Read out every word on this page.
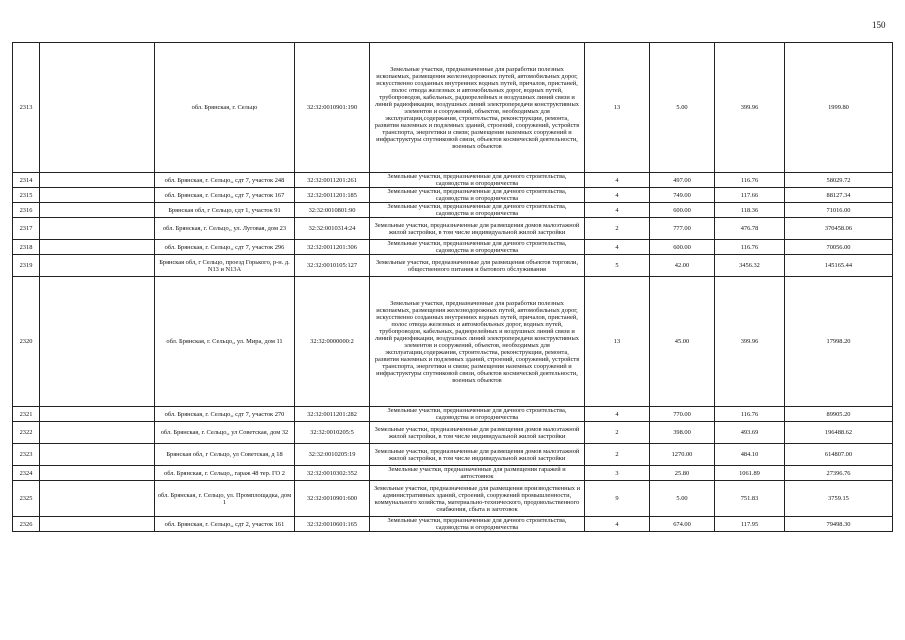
150
2313		обл. Брянская, г. Сельцо	32:32:0010901:190	Земельные участки, предназначенные для разработки полезных ископаемых, размещения железнодорожных путей, автомобильных дорог, искусственно созданных внутренних водных путей, причалов, пристаней, полос отвода железных и автомобильных дорог, водных путей, трубопроводов, кабельных, радиорелейных и воздушных линий связи и линий радиофикации, воздушных линий электропередачи конструктивных элементов и сооружений, объектов, необходимых для эксплуатации,содержания, строительства, реконструкции, ремонта, развития наземных и подземных зданий, строений, сооружений, устройств транспорта, энергетики и связи; размещения наземных сооружений и инфраструктуры спутниковой связи, объектов космической деятельности, военных объектов	13	5.00	399.96	1999.80
2314		обл. Брянская, г. Сельцо,, сдт 7, участок 248	32:32:0011201:261	Земельные участки, предназначенные для дачного строительства, садоводства и огородничества	4	497.00	116.76	58029.72
2315		обл. Брянская, г. Сельцо,, сдт 7, участок 167	32:32:0011201:185	Земельные участки, предназначенные для дачного строительства, садоводства и огородничества	4	749.00	117.66	88127.34
2316		Брянская обл, г Сельцо, сдт 1, участок 91	32:32:0010801:90	Земельные участки, предназначенные для дачного строительства, садоводства и огородничества	4	600.00	118.36	71016.00
2317		обл. Брянская, г. Сельцо,, ул. Луговая, дом 23	32:32:0010314:24	Земельные участки, предназначенные для размещения домов малоэтажной жилой застройки, в том числе индивидуальной жилой застройки	2	777.00	476.78	370458.06
2318		обл. Брянская, г. Сельцо,, сдт 7, участок 296	32:32:0011201:306	Земельные участки, предназначенные для дачного строительства, садоводства и огородничества	4	600.00	116.76	70056.00
2319		Брянская обл, г Сельцо, проезд Горького, р-н. д. N13 и N13А	32:32:0010105:127	Земельные участки, предназначенные для размещения объектов торговли, общественного питания и бытового обслуживания	5	42.00	3456.32	145165.44
2320		обл. Брянская, г. Сельцо,, ул. Мира, дом 11	32:32:0000000:2	Земельные участки, предназначенные для разработки полезных ископаемых, размещения железнодорожных путей, автомобильных дорог, искусственно созданных внутренних водных путей, причалов, пристаней, полос отвода железных и автомобильных дорог, водных путей, трубопроводов, кабельных, радиорелейных и воздушных линий связи и линий радиофикации, воздушных линий электропередачи конструктивных элементов и сооружений, объектов, необходимых для эксплуатации,содержания, строительства, реконструкции, ремонта, развития наземных и подземных зданий, строений, сооружений, устройств транспорта, энергетики и связи; размещения наземных сооружений и инфраструктуры спутниковой связи, объектов космической деятельности, военных объектов	13	45.00	399.96	17998.20
2321		обл. Брянская, г. Сельцо,, сдт 7, участок 270	32:32:0011201:282	Земельные участки, предназначенные для дачного строительства, садоводства и огородничества	4	770.00	116.76	89905.20
2322		обл. Брянская, г. Сельцо,, ул Советская, дом 32	32:32:0010205:5	Земельные участки, предназначенные для размещения домов малоэтажной жилой застройки, в том числе индивидуальной жилой застройки	2	398.00	493.69	196488.62
2323		Брянская обл, г Сельцо, ул Советская, д 18	32:32:0010205:19	Земельные участки, предназначенные для размещения домов малоэтажной жилой застройки, в том числе индивидуальной жилой застройки	2	1270.00	484.10	614807.00
2324		обл. Брянская, г. Сельцо,, гараж 48 тер. ГО 2	32:32:0010302:352	Земельные участки, предназначенные для размещения гаражей и автостоянок	3	25.80	1061.89	27396.76
2325		обл. Брянская, г. Сельцо, ул. Промплощадка, дом 1	32:32:0010901:600	Земельные участки, предназначенные для размещения производственных и административных зданий, строений, сооружений промышленности, коммунального хозяйства, материально-технического, продовольственного снабжения, сбыта и заготовок	9	5.00	751.83	3759.15
2326		обл. Брянская, г. Сельцо,, сдт 2, участок 161	32:32:0010601:165	Земельные участки, предназначенные для дачного строительства, садоводства и огородничества	4	674.00	117.95	79498.30
